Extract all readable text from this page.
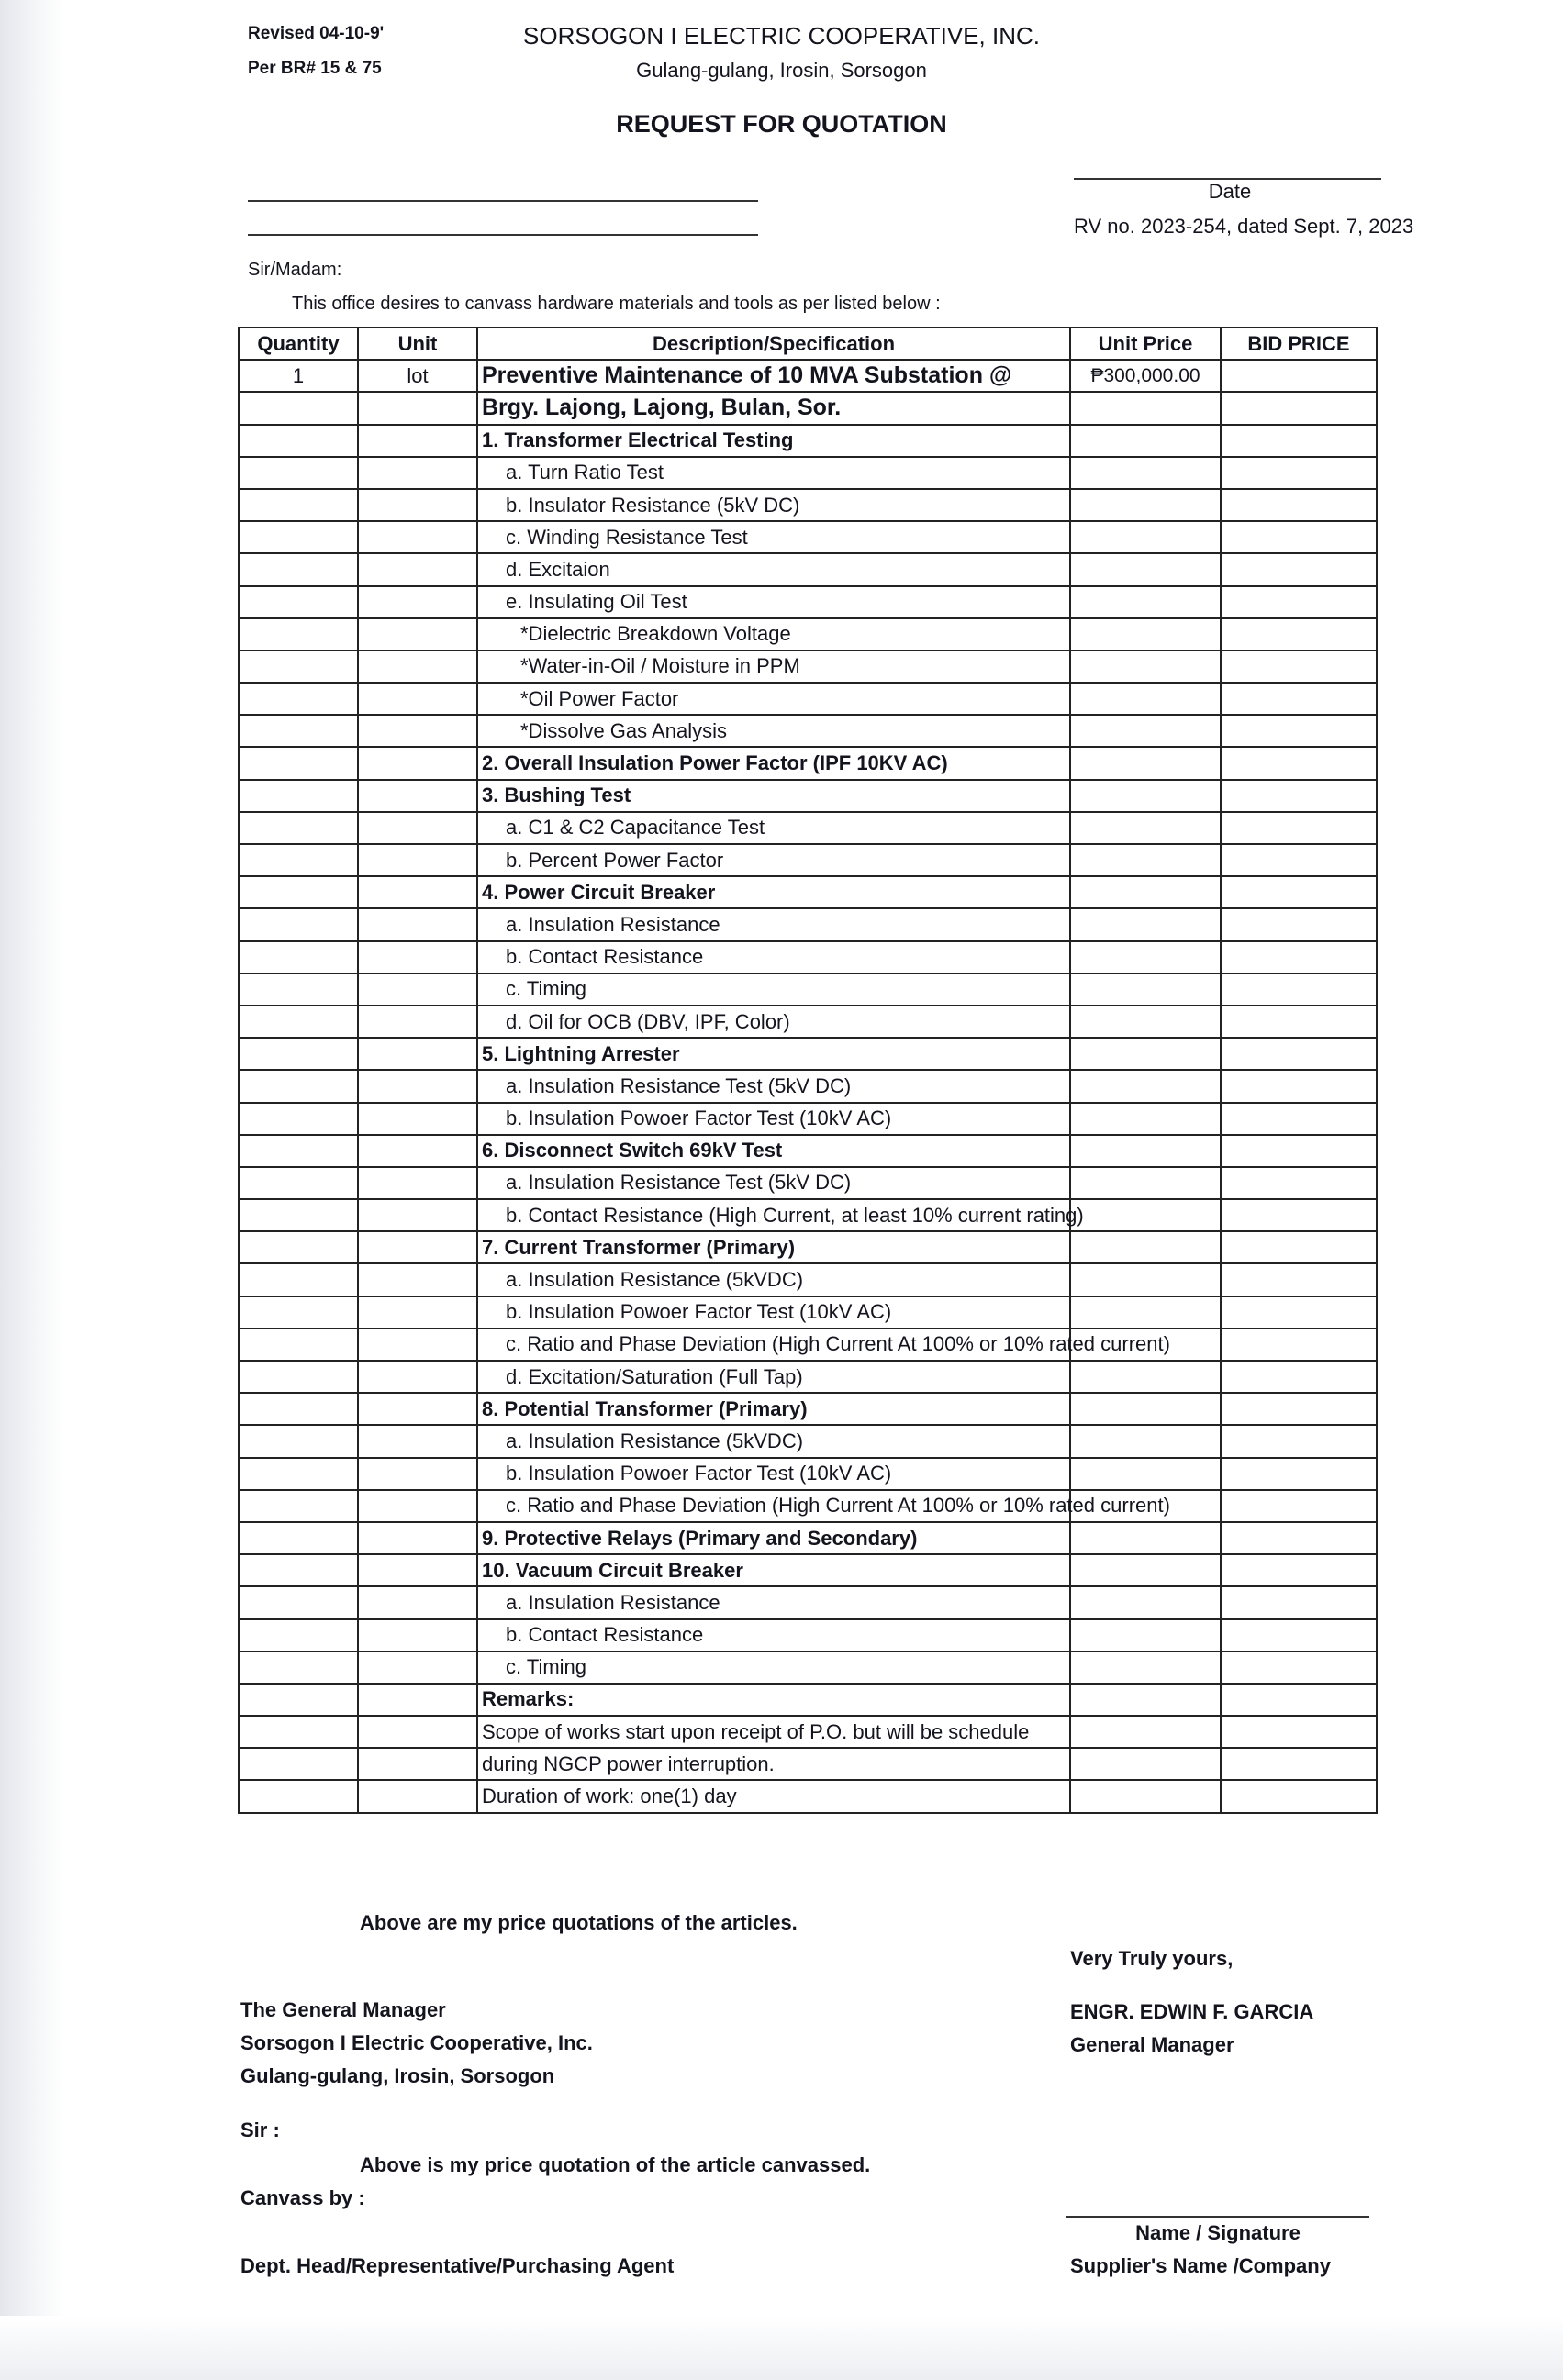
Revised 04-10-9'
Per BR# 15 & 75
SORSOGON I ELECTRIC COOPERATIVE, INC.
Gulang-gulang, Irosin, Sorsogon
REQUEST FOR QUOTATION
Date
RV no. 2023-254, dated Sept. 7, 2023
Sir/Madam:
This office desires to canvass hardware materials and tools as per listed below :
Quantity	Unit	Description/Specification	Unit Price	BID PRICE
1	lot	Preventive Maintenance of 10 MVA Substation @	₱300,000.00	
		Brgy. Lajong, Lajong, Bulan, Sor.		
		1. Transformer Electrical Testing		
		a. Turn Ratio Test		
		b. Insulator Resistance (5kV DC)		
		c. Winding Resistance Test		
		d. Excitaion		
		e. Insulating Oil Test		
		*Dielectric Breakdown Voltage		
		*Water-in-Oil / Moisture in PPM		
		*Oil Power Factor		
		*Dissolve Gas Analysis		
		2. Overall Insulation Power Factor (IPF 10KV AC)		
		3. Bushing Test		
		a. C1 & C2 Capacitance Test		
		b. Percent Power Factor		
		4. Power Circuit Breaker		
		a. Insulation Resistance		
		b. Contact Resistance		
		c. Timing		
		d. Oil for OCB (DBV, IPF, Color)		
		5. Lightning Arrester		
		a. Insulation Resistance Test (5kV DC)		
		b. Insulation Powoer Factor Test (10kV AC)		
		6. Disconnect Switch 69kV Test		
		a. Insulation Resistance Test (5kV DC)		
		b. Contact Resistance (High Current, at least 10% current rating)		
		7. Current Transformer (Primary)		
		a. Insulation Resistance (5kVDC)		
		b. Insulation Powoer Factor Test (10kV AC)		
		c. Ratio and Phase Deviation (High Current At 100% or 10% rated current)		
		d. Excitation/Saturation (Full Tap)		
		8. Potential Transformer (Primary)		
		a. Insulation Resistance (5kVDC)		
		b. Insulation Powoer Factor Test (10kV AC)		
		c. Ratio and Phase Deviation (High Current At 100% or 10% rated current)		
		9. Protective Relays (Primary and Secondary)		
		10. Vacuum Circuit Breaker		
		a. Insulation Resistance		
		b. Contact Resistance		
		c. Timing		
		Remarks:		
		Scope of works start upon receipt of P.O. but will be schedule		
		during NGCP power interruption.		
		Duration of work: one(1) day		
Above are my price quotations of the articles.
Very Truly yours,
The General Manager
Sorsogon I Electric Cooperative, Inc.
Gulang-gulang, Irosin, Sorsogon
ENGR. EDWIN F. GARCIA
General Manager
Sir :
Above is my price quotation of the article canvassed.
Canvass by :
Name / Signature
Dept. Head/Representative/Purchasing Agent	Supplier's Name /Company
